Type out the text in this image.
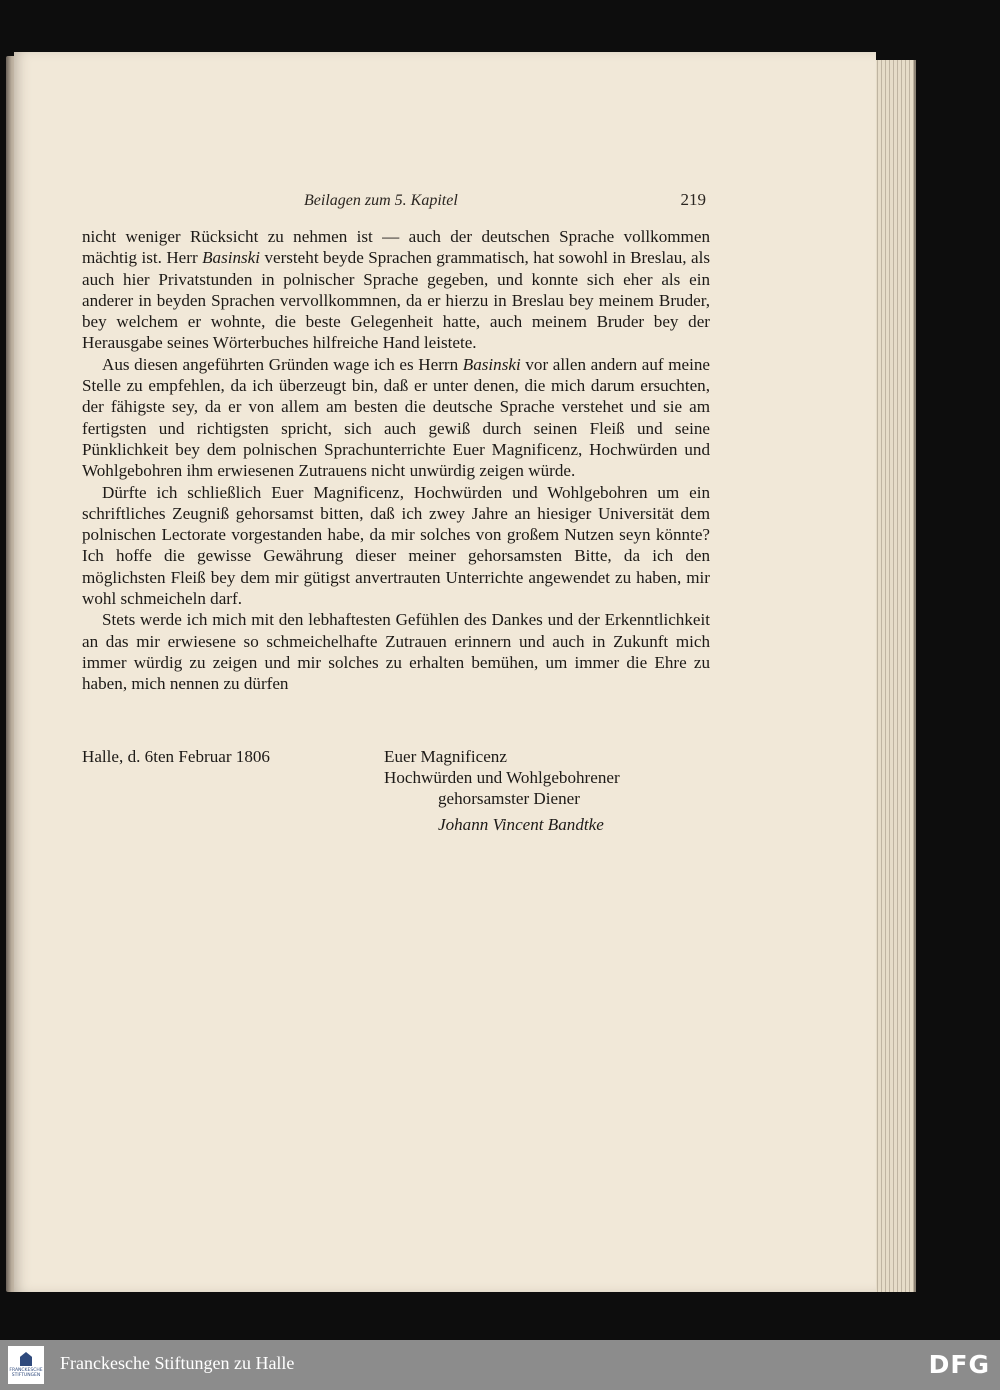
Beilagen zum 5. Kapitel	219

nicht weniger Rücksicht zu nehmen ist — auch der deutschen Sprache vollkommen mächtig ist. Herr Basinski versteht beyde Sprachen grammatisch, hat sowohl in Breslau, als auch hier Privatstunden in polnischer Sprache gegeben, und konnte sich eher als ein anderer in beyden Sprachen vervollkommnen, da er hierzu in Breslau bey meinem Bruder, bey welchem er wohnte, die beste Gelegenheit hatte, auch meinem Bruder bey der Herausgabe seines Wörterbuches hilfreiche Hand leistete.

Aus diesen angeführten Gründen wage ich es Herrn Basinski vor allen andern auf meine Stelle zu empfehlen, da ich überzeugt bin, daß er unter denen, die mich darum ersuchten, der fähigste sey, da er von allem am besten die deutsche Sprache verstehet und sie am fertigsten und richtigsten spricht, sich auch gewiß durch seinen Fleiß und seine Pünklichkeit bey dem polnischen Sprachunterrichte Euer Magnificenz, Hochwürden und Wohlgebohren ihm erwiesenen Zutrauens nicht unwürdig zeigen würde.

Dürfte ich schließlich Euer Magnificenz, Hochwürden und Wohlgebohren um ein schriftliches Zeugniß gehorsamst bitten, daß ich zwey Jahre an hiesiger Universität dem polnischen Lectorate vorgestanden habe, da mir solches von großem Nutzen seyn könnte? Ich hoffe die gewisse Gewährung dieser meiner gehorsamsten Bitte, da ich den möglichsten Fleiß bey dem mir gütigst anvertrauten Unterrichte angewendet zu haben, mir wohl schmeicheln darf.

Stets werde ich mich mit den lebhaftesten Gefühlen des Dankes und der Erkenntlichkeit an das mir erwiesene so schmeichelhafte Zutrauen erinnern und auch in Zukunft mich immer würdig zu zeigen und mir solches zu erhalten bemühen, um immer die Ehre zu haben, mich nennen zu dürfen

Halle, d. 6ten Februar 1806	Euer Magnificenz
Hochwürden und Wohlgebohrener
gehorsamster Diener
Johann Vincent Bandtke
FRANCKESCHE STIFTUNGEN
Franckesche Stiftungen zu Halle	DFG
